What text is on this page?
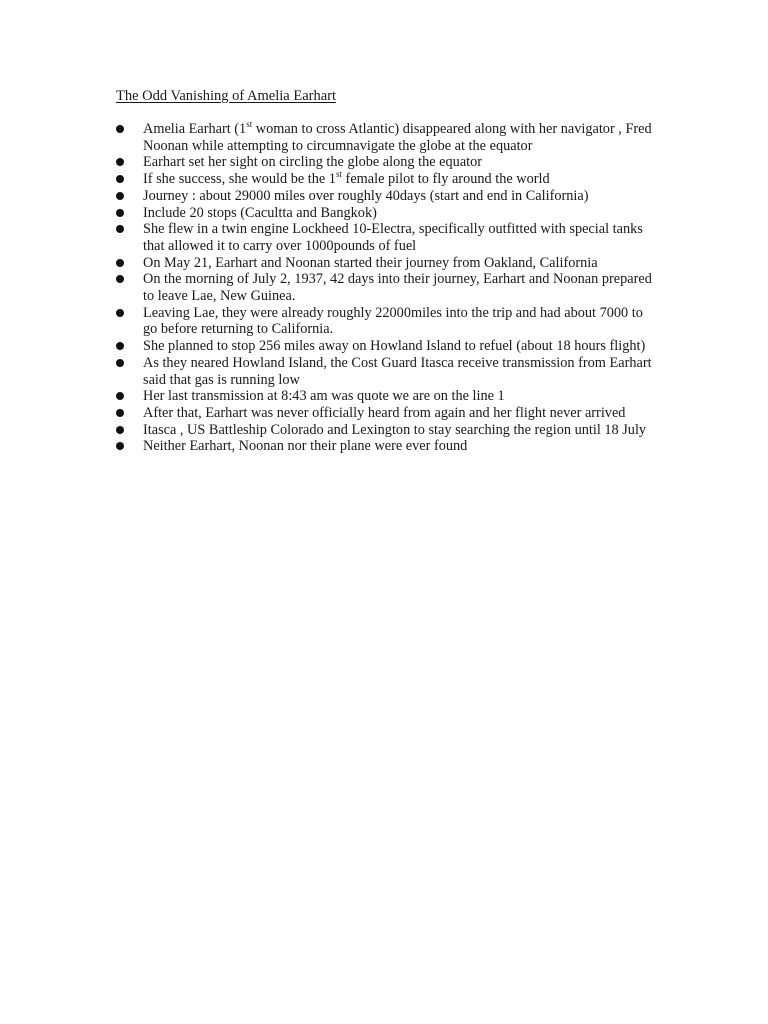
The Odd Vanishing of Amelia Earhart
Amelia Earhart (1st woman to cross Atlantic) disappeared along with her navigator , Fred Noonan while attempting to circumnavigate the globe at the equator
Earhart set her sight on circling the globe along the equator
If she success, she would be the 1st female pilot to fly around the world
Journey : about 29000 miles over roughly 40days (start and end in California)
Include 20 stops (Cacultta and Bangkok)
She flew in a twin engine Lockheed 10-Electra, specifically outfitted with special tanks that allowed it to carry over 1000pounds of fuel
On May 21, Earhart and Noonan started their journey from Oakland, California
On the morning of July 2, 1937, 42 days into their journey, Earhart and Noonan prepared to leave Lae, New Guinea.
Leaving Lae, they were already roughly 22000miles into the trip and had about 7000 to go before returning to California.
She planned to stop 256 miles away on Howland Island to refuel (about 18 hours flight)
As they neared Howland Island, the Cost Guard Itasca receive transmission from Earhart said that gas is running low
Her last transmission at 8:43 am was quote we are on the line 1
After that, Earhart was never officially heard from again and her flight never arrived
Itasca , US Battleship Colorado and Lexington to stay searching the region until 18 July
Neither Earhart, Noonan nor their plane were ever found
